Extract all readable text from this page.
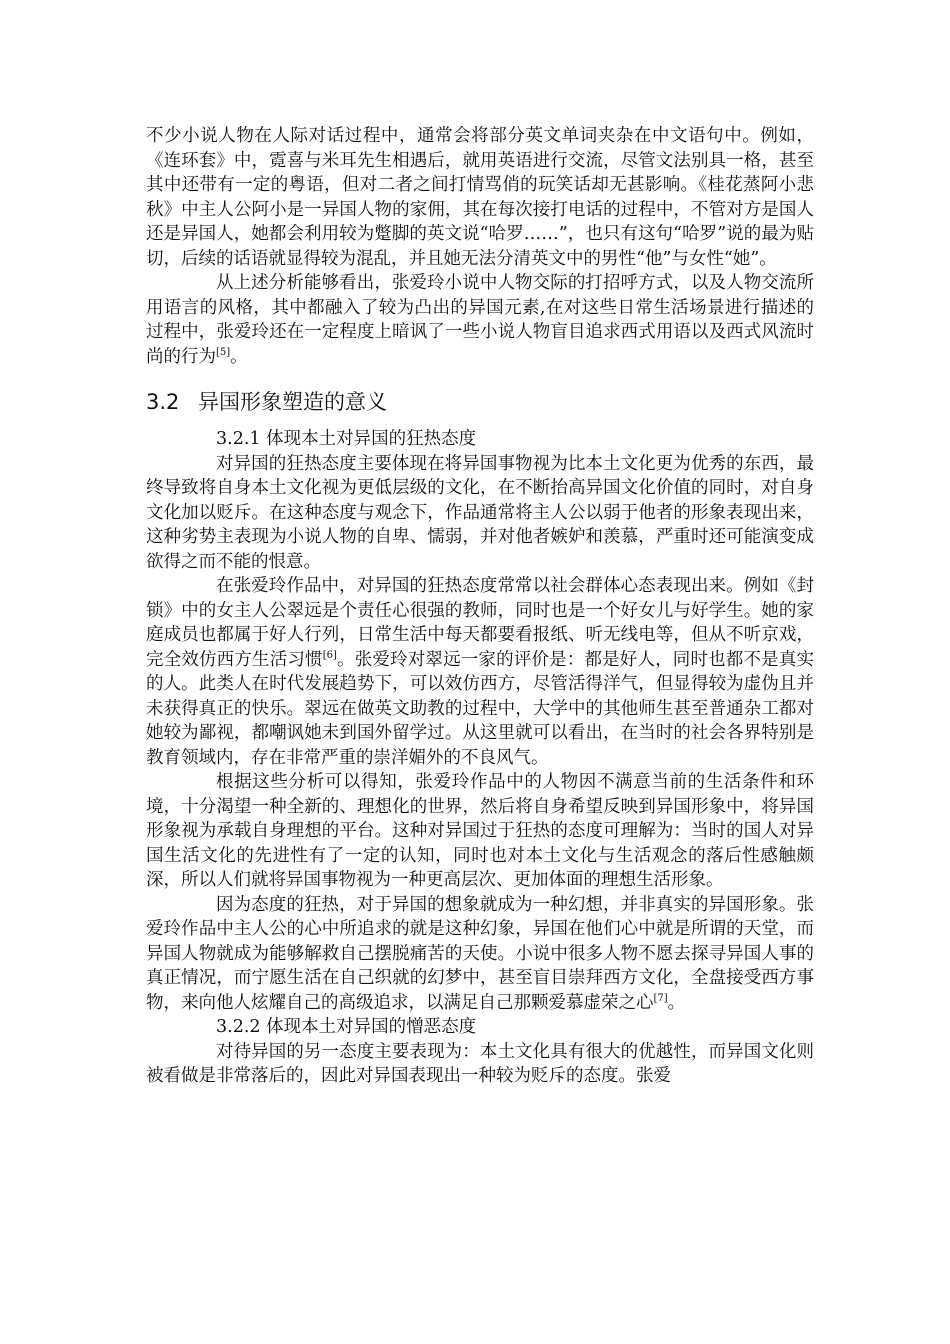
不少小说人物在人际对话过程中，通常会将部分英文单词夹杂在中文语句中。例如，《连环套》中，霓喜与米耳先生相遇后，就用英语进行交流，尽管文法别具一格，甚至其中还带有一定的粤语，但对二者之间打情骂俏的玩笑话却无甚影响。《桂花蒸阿小悲秋》中主人公阿小是一异国人物的家佣，其在每次接打电话的过程中，不管对方是国人还是异国人，她都会利用较为蹩脚的英文说“哈罗……”，也只有这句“哈罗”说的最为贴切，后续的话语就显得较为混乱，并且她无法分清英文中的男性“他”与女性“她”。

从上述分析能够看出，张爱玲小说中人物交际的打招呼方式，以及人物交流所用语言的风格，其中都融入了较为凸出的异国元素,在对这些日常生活场景进行描述的过程中，张爱玲还在一定程度上暗讽了一些小说人物盲目追求西式用语以及西式风流时尚的行为[5]。

3.2 异国形象塑造的意义
3.2.1 体现本土对异国的狂热态度

对异国的狂热态度主要体现在将异国事物视为比本土文化更为优秀的东西，最终导致将自身本土文化视为更低层级的文化，在不断抬高异国文化价值的同时，对自身文化加以贬斥。在这种态度与观念下，作品通常将主人公以弱于他者的形象表现出来，这种劣势主表现为小说人物的自卑、懦弱，并对他者嫉妒和羡慕，严重时还可能演变成欲得之而不能的恨意。

在张爱玲作品中，对异国的狂热态度常常以社会群体心态表现出来。例如《封锁》中的女主人公翠远是个责任心很强的教师，同时也是一个好女儿与好学生。她的家庭成员也都属于好人行列，日常生活中每天都要看报纸、听无线电等，但从不听京戏，完全效仿西方生活习惯[6]。张爱玲对翠远一家的评价是：都是好人，同时也都不是真实的人。此类人在时代发展趋势下，可以效仿西方，尽管活得洋气，但显得较为虚伪且并未获得真正的快乐。翠远在做英文助教的过程中，大学中的其他师生甚至普通杂工都对她较为鄙视，都嘲讽她未到国外留学过。从这里就可以看出，在当时的社会各界特别是教育领域内，存在非常严重的崇洋媚外的不良风气。

根据这些分析可以得知，张爱玲作品中的人物因不满意当前的生活条件和环境，十分渴望一种全新的、理想化的世界，然后将自身希望反映到异国形象中，将异国形象视为承载自身理想的平台。这种对异国过于狂热的态度可理解为：当时的国人对异国生活文化的先进性有了一定的认知，同时也对本土文化与生活观念的落后性感触颇深，所以人们就将异国事物视为一种更高层次、更加体面的理想生活形象。

因为态度的狂热，对于异国的想象就成为一种幻想，并非真实的异国形象。张爱玲作品中主人公的心中所追求的就是这种幻象，异国在他们心中就是所谓的天堂，而异国人物就成为能够解救自己摆脱痛苦的天使。小说中很多人物不愿去探寻异国人事的真正情况，而宁愿生活在自己织就的幻梦中，甚至盲目崇拜西方文化，全盘接受西方事物，来向他人炫耀自己的高级追求，以满足自己那颗爱慕虚荣之心[7]。

3.2.2 体现本土对异国的憎恶态度

对待异国的另一态度主要表现为：本土文化具有很大的优越性，而异国文化则被看做是非常落后的，因此对异国表现出一种较为贬斥的态度。张爱
